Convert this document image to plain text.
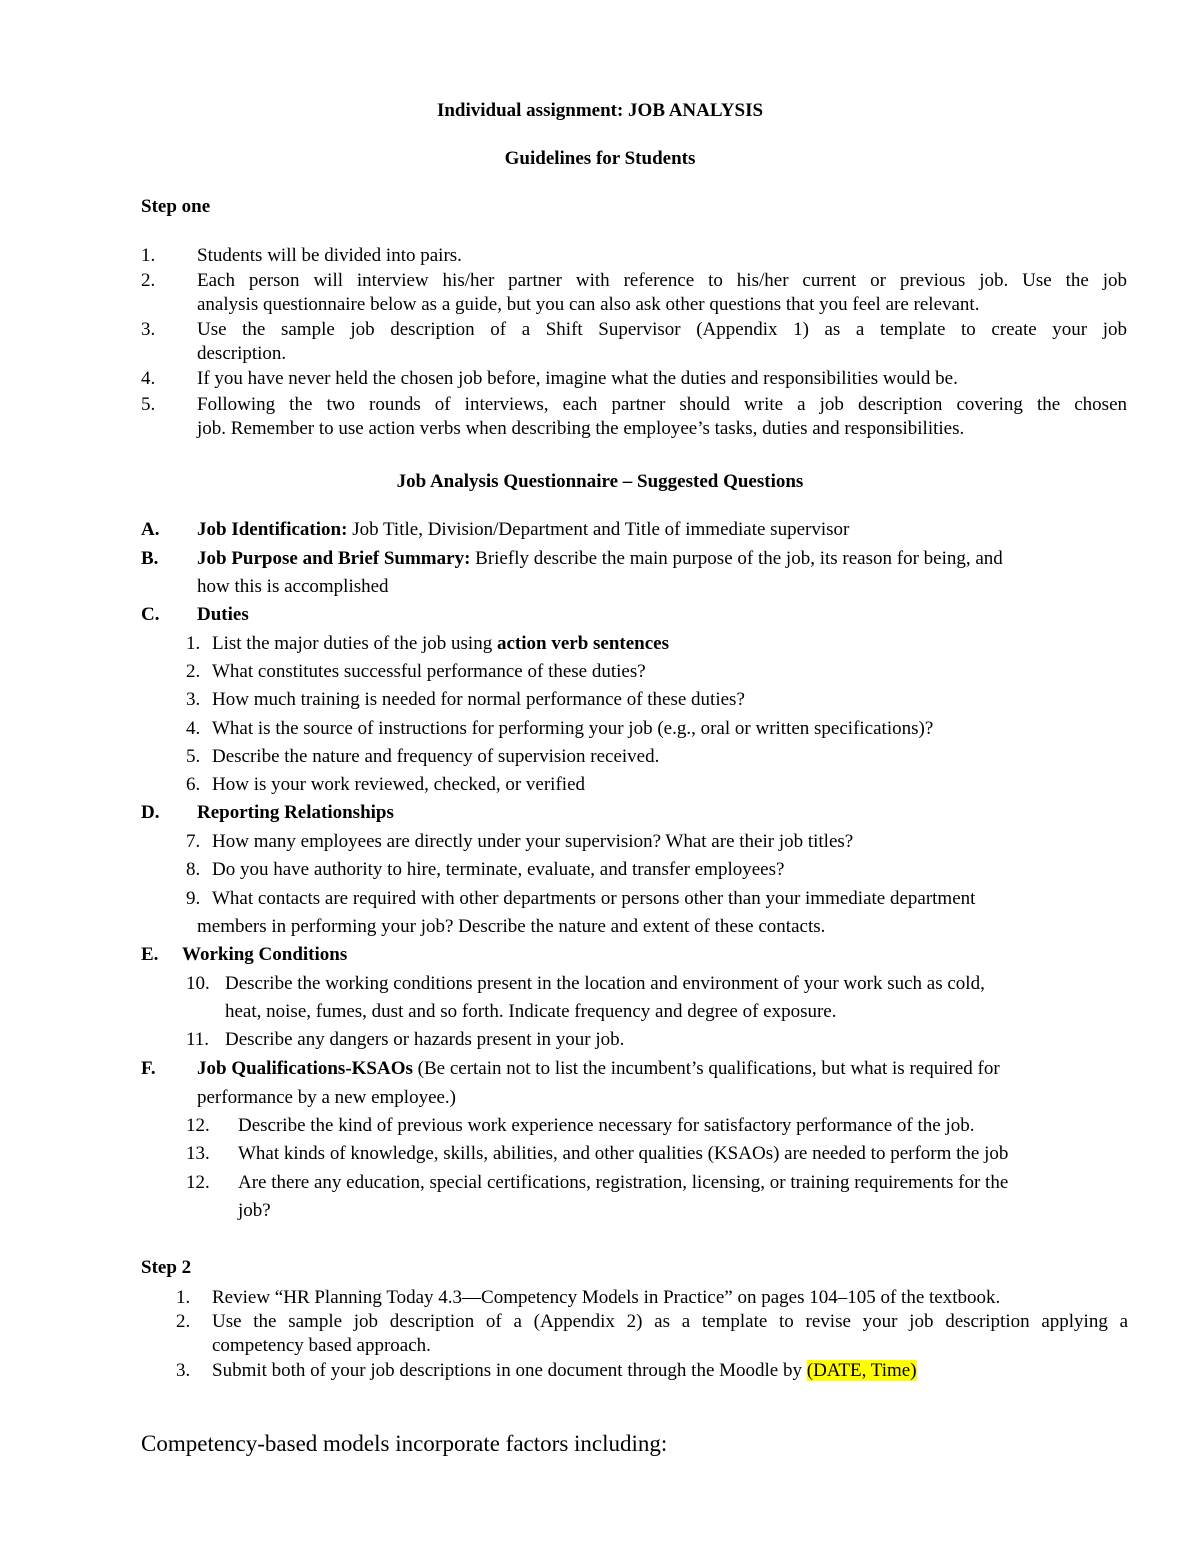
Individual assignment: JOB ANALYSIS
Guidelines for Students
Step one
1. Students will be divided into pairs.
2. Each person will interview his/her partner with reference to his/her current or previous job. Use the job
analysis questionnaire below as a guide, but you can also ask other questions that you feel are relevant.
3. Use the sample job description of a Shift Supervisor (Appendix 1) as a template to create your job
description.
4. If you have never held the chosen job before, imagine what the duties and responsibilities would be.
5. Following the two rounds of interviews, each partner should write a job description covering the chosen
job. Remember to use action verbs when describing the employee’s tasks, duties and responsibilities.
Job Analysis Questionnaire – Suggested Questions
A. Job Identification: Job Title, Division/Department and Title of immediate supervisor
B. Job Purpose and Brief Summary: Briefly describe the main purpose of the job, its reason for being, and
how this is accomplished
C. Duties
1. List the major duties of the job using action verb sentences
2. What constitutes successful performance of these duties?
3. How much training is needed for normal performance of these duties?
4. What is the source of instructions for performing your job (e.g., oral or written specifications)?
5. Describe the nature and frequency of supervision received.
6. How is your work reviewed, checked, or verified
D. Reporting Relationships
7. How many employees are directly under your supervision? What are their job titles?
8. Do you have authority to hire, terminate, evaluate, and transfer employees?
9. What contacts are required with other departments or persons other than your immediate department
members in performing your job? Describe the nature and extent of these contacts.
E. Working Conditions
10. Describe the working conditions present in the location and environment of your work such as cold,
heat, noise, fumes, dust and so forth. Indicate frequency and degree of exposure.
11. Describe any dangers or hazards present in your job.
F. Job Qualifications-KSAOs (Be certain not to list the incumbent’s qualifications, but what is required for
performance by a new employee.)
12. Describe the kind of previous work experience necessary for satisfactory performance of the job.
13. What kinds of knowledge, skills, abilities, and other qualities (KSAOs) are needed to perform the job
12. Are there any education, special certifications, registration, licensing, or training requirements for the
job?
Step 2
1. Review “HR Planning Today 4.3—Competency Models in Practice” on pages 104–105 of the textbook.
2. Use the sample job description of a (Appendix 2) as a template to revise your job description applying a
competency based approach.
3. Submit both of your job descriptions in one document through the Moodle by (DATE, Time)
Competency-based models incorporate factors including:
